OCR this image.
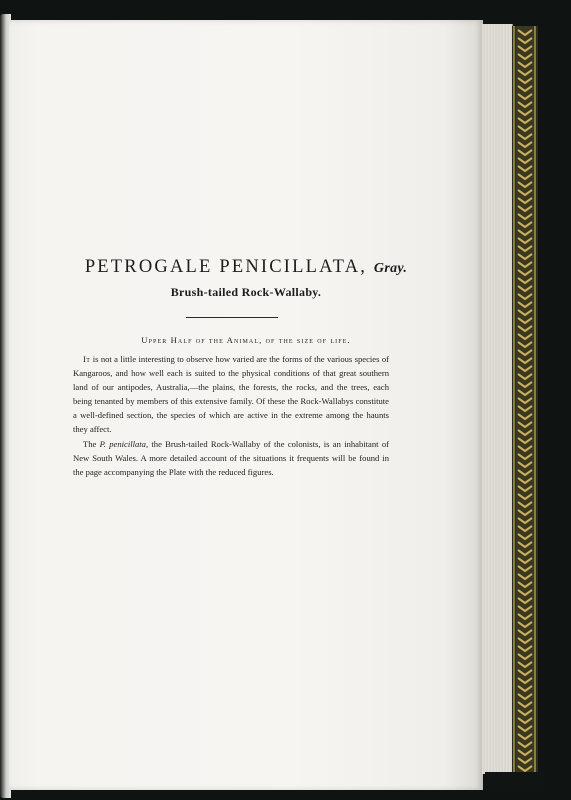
PETROGALE PENICILLATA, Gray.
Brush-tailed Rock-Wallaby.
Upper Half of the Animal, of the size of life.

It is not a little interesting to observe how varied are the forms of the various species of Kangaroos, and how well each is suited to the physical conditions of that great southern land of our antipodes, Australia,—the plains, the forests, the rocks, and the trees, each being tenanted by members of this extensive family. Of these the Rock-Wallabys constitute a well-defined section, the species of which are active in the extreme among the haunts they affect.

The P. penicillata, the Brush-tailed Rock-Wallaby of the colonists, is an inhabitant of New South Wales. A more detailed account of the situations it frequents will be found in the page accompanying the Plate with the reduced figures.
